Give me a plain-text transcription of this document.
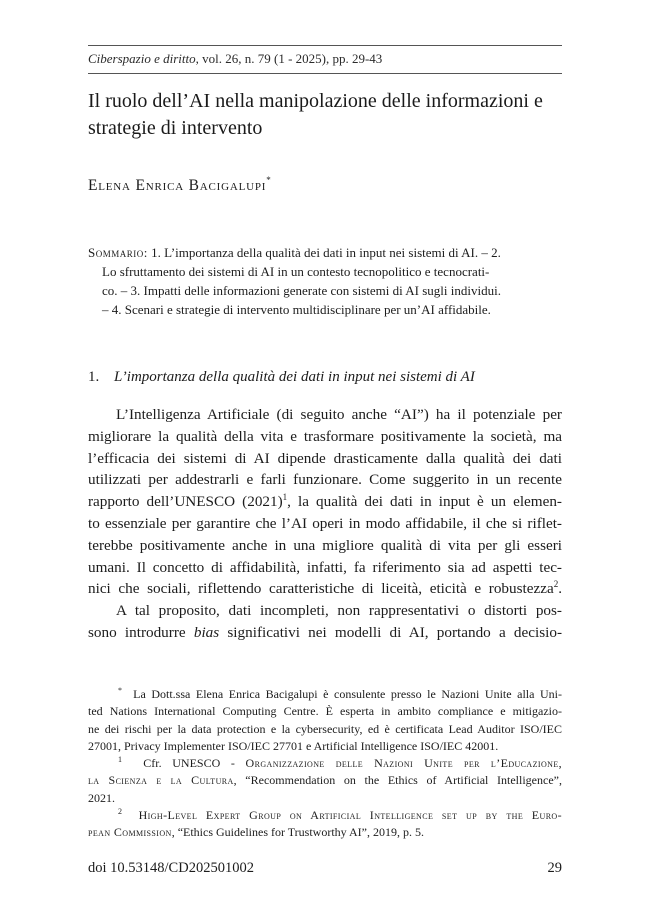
Ciberspazio e diritto, vol. 26, n. 79 (1 - 2025), pp. 29-43
Il ruolo dell’AI nella manipolazione delle informazioni e
strategie di intervento
Elena Enrica Bacigalupi*
Sommario: 1. L’importanza della qualità dei dati in input nei sistemi di AI. – 2.
Lo sfruttamento dei sistemi di AI in un contesto tecnopolitico e tecnocrati-
co. – 3. Impatti delle informazioni generate con sistemi di AI sugli individui.
– 4. Scenari e strategie di intervento multidisciplinare per un’AI affidabile.
1. L’importanza della qualità dei dati in input nei sistemi di AI
L’Intelligenza Artificiale (di seguito anche “AI”) ha il potenziale per
migliorare la qualità della vita e trasformare positivamente la società, ma
l’efficacia dei sistemi di AI dipende drasticamente dalla qualità dei dati
utilizzati per addestrarli e farli funzionare. Come suggerito in un recente
rapporto dell’UNESCO $(2021)^1$, la qualità dei dati in input è un elemen-
to essenziale per garantire che l’AI operi in modo affidabile, il che si riflet-
terebbe positivamente anche in una migliore qualità di vita per gli esseri
umani. Il concetto di affidabilità, infatti, fa riferimento sia ad aspetti tec-
nici che sociali, riflettendo caratteristiche di liceità, eticità e robustezza$^2$.
A tal proposito, dati incompleti, non rappresentativi o distorti pos-
sono introdurre bias significativi nei modelli di AI, portando a decisio-
* La Dott.ssa Elena Enrica Bacigalupi è consulente presso le Nazioni Unite alla Uni-
ted Nations International Computing Centre. È esperta in ambito compliance e mitigazio-
ne dei rischi per la data protection e la cybersecurity, ed è certificata Lead Auditor ISO/IEC
27001, Privacy Implementer ISO/IEC 27701 e Artificial Intelligence ISO/IEC 42001.
$^1$ Cfr. UNESCO - Organizzazione delle Nazioni Unite per l’Educazione,
la Scienza e la Cultura, “Recommendation on the Ethics of Artificial Intelligence”,
2021.
$^2$ High-Level Expert Group on Artificial Intelligence set up by the Euro-
pean Commission, “Ethics Guidelines for Trustworthy AI”, 2019, p. 5.
doi 10.53148/CD202501002	29
